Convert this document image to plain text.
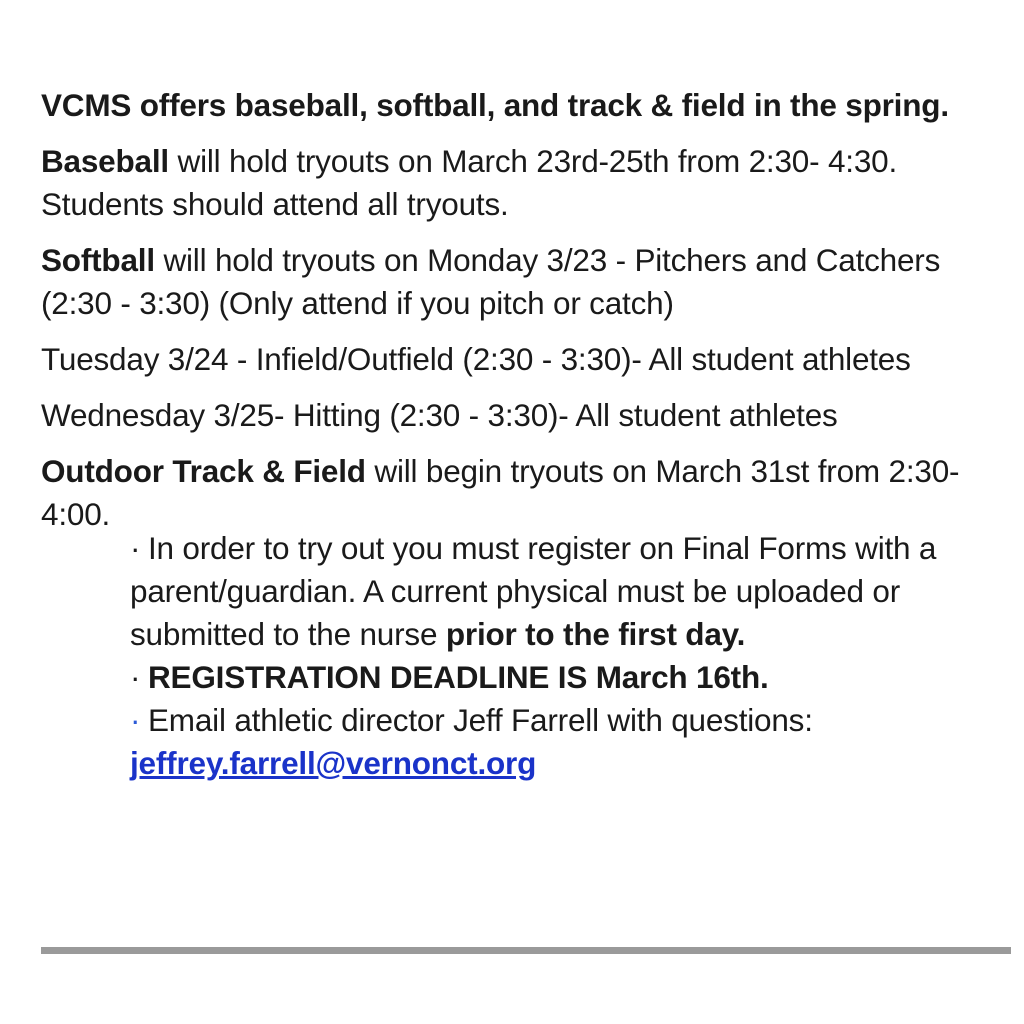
VCMS offers baseball, softball, and track & field in the spring.

Baseball will hold tryouts on March 23rd-25th from 2:30- 4:30. Students should attend all tryouts.

Softball will hold tryouts on Monday 3/23 - Pitchers and Catchers (2:30 - 3:30) (Only attend if you pitch or catch)

Tuesday 3/24 - Infield/Outfield (2:30 - 3:30)- All student athletes

Wednesday 3/25- Hitting (2:30 - 3:30)- All student athletes

Outdoor Track & Field will begin tryouts on March 31st from 2:30- 4:00.

· In order to try out you must register on Final Forms with a parent/guardian. A current physical must be uploaded or submitted to the nurse prior to the first day.

· REGISTRATION DEADLINE IS March 16th.

· Email athletic director Jeff Farrell with questions:
jeffrey.farrell@vernonct.org
